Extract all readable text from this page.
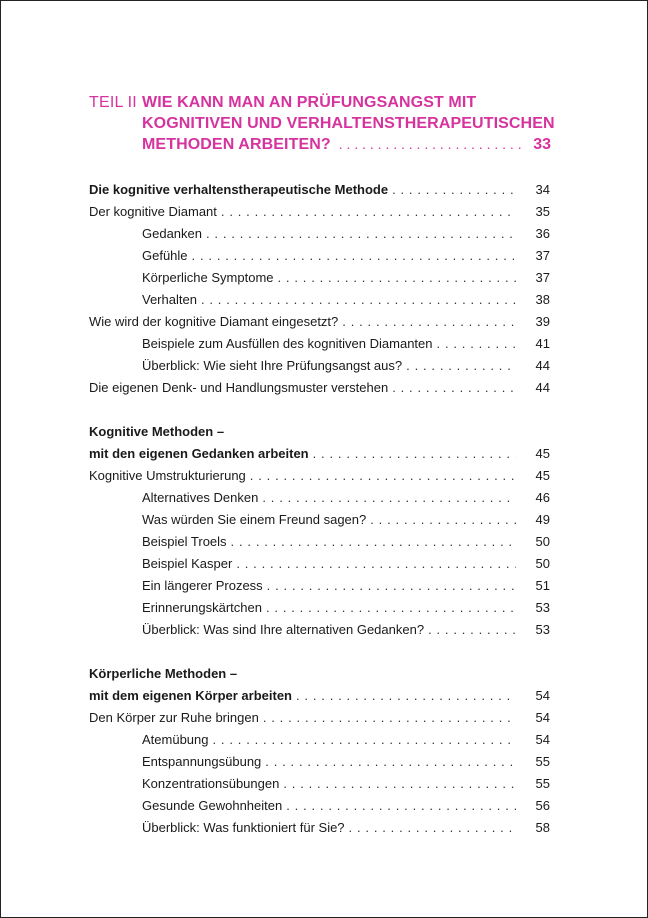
TEIL II WIE KANN MAN AN PRÜFUNGSANGST MIT
KOGNITIVEN UND VERHALTENSTHERAPEUTISCHEN
METHODEN ARBEITEN? . . .	33
Die kognitive verhaltenstherapeutische Methode . . .	34
Der kognitive Diamant . . .	35
Gedanken . . .	36
Gefühle . . .	37
Körperliche Symptome . . .	37
Verhalten . . .	38
Wie wird der kognitive Diamant eingesetzt? . . .	39
Beispiele zum Ausfüllen des kognitiven Diamanten . . .	41
Überblick: Wie sieht Ihre Prüfungsangst aus? . . .	44
Die eigenen Denk- und Handlungsmuster verstehen . . .	44
Kognitive Methoden –
mit den eigenen Gedanken arbeiten . . .	45
Kognitive Umstrukturierung . . .	45
Alternatives Denken . . .	46
Was würden Sie einem Freund sagen? . . .	49
Beispiel Troels . . .	50
Beispiel Kasper . . .	50
Ein längerer Prozess . . .	51
Erinnerungskärtchen . . .	53
Überblick: Was sind Ihre alternativen Gedanken? . . .	53
Körperliche Methoden –
mit dem eigenen Körper arbeiten . . .	54
Den Körper zur Ruhe bringen . . .	54
Atemübung . . .	54
Entspannungsübung . . .	55
Konzentrationsübungen . . .	55
Gesunde Gewohnheiten . . .	56
Überblick: Was funktioniert für Sie? . . .	58
